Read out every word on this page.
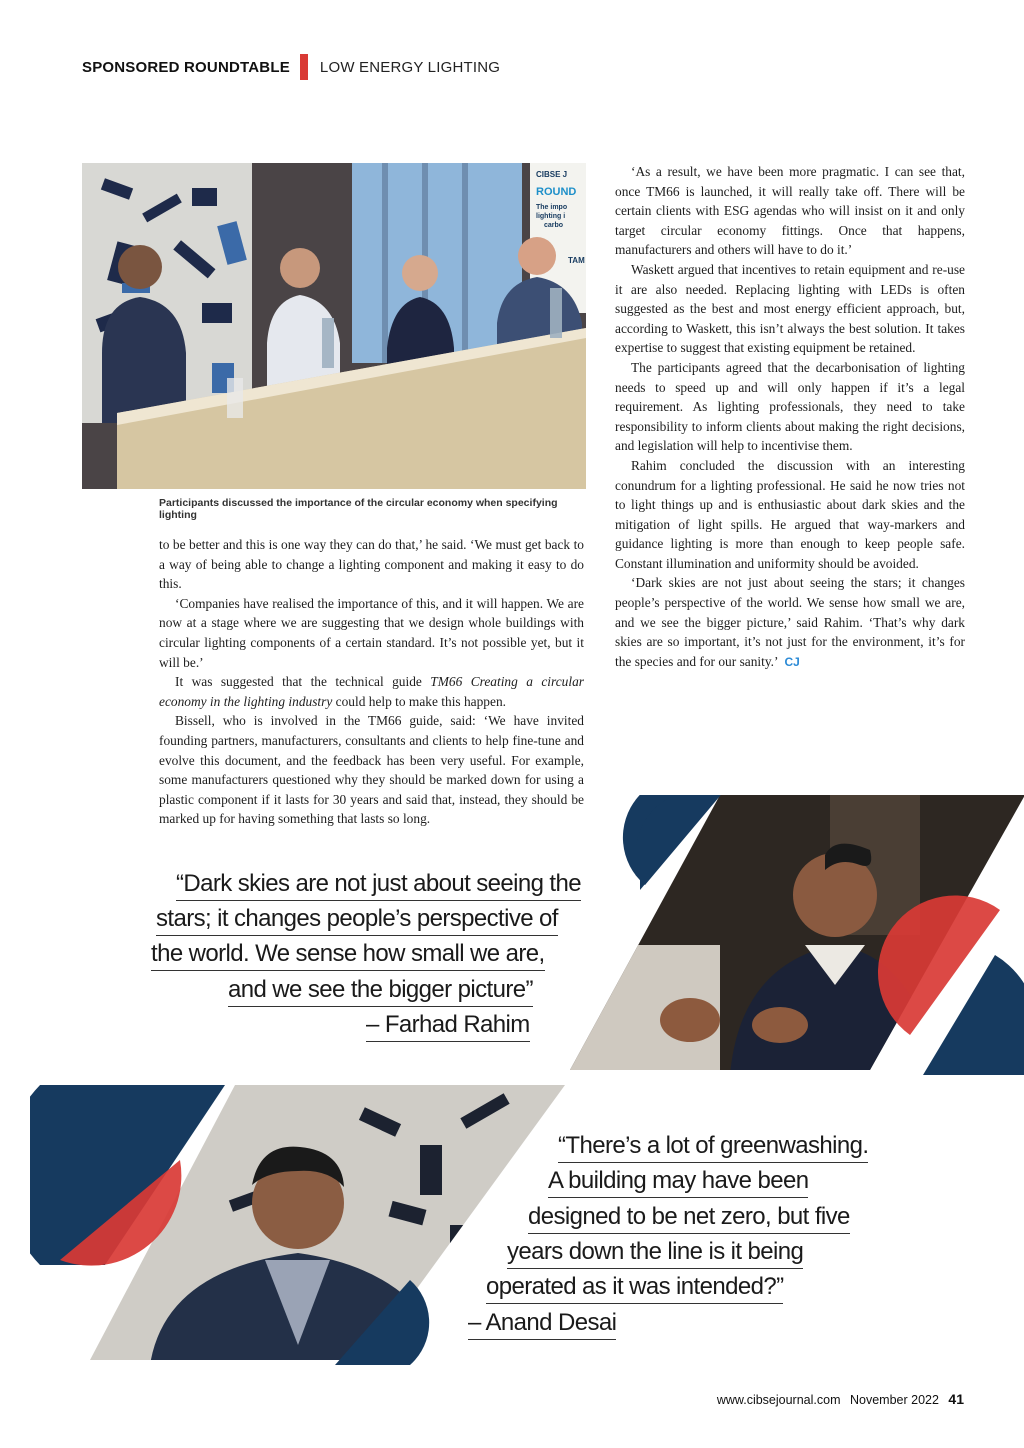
SPONSORED ROUNDTABLE LOW ENERGY LIGHTING
CIBSE J
ROUND
The impo
lighting i
carbo
TAM
Participants discussed the importance of the circular economy when specifying lighting

to be better and this is one way they can do that,’ he said. ‘We must get back to a way of being able to change a lighting component and making it easy to do this.

‘Companies have realised the importance of this, and it will happen. We are now at a stage where we are suggesting that we design whole buildings with circular lighting components of a certain standard. It’s not possible yet, but it will be.’

It was suggested that the technical guide TM66 Creating a circular economy in the lighting industry could help to make this happen.

Bissell, who is involved in the TM66 guide, said: ‘We have invited founding partners, manufacturers, consultants and clients to help fine-tune and evolve this document, and the feedback has been very useful. For example, some manufacturers questioned why they should be marked down for using a plastic component if it lasts for 30 years and said that, instead, they should be marked up for having something that lasts so long.

‘As a result, we have been more pragmatic. I can see that, once TM66 is launched, it will really take off. There will be certain clients with ESG agendas who will insist on it and only target circular economy fittings. Once that happens, manufacturers and others will have to do it.’

Waskett argued that incentives to retain equipment and re-use it are also needed. Replacing lighting with LEDs is often suggested as the best and most energy efficient approach, but, according to Waskett, this isn’t always the best solution. It takes expertise to suggest that existing equipment be retained.

The participants agreed that the decarbonisation of lighting needs to speed up and will only happen if it’s a legal requirement. As lighting professionals, they need to take responsibility to inform clients about making the right decisions, and legislation will help to incentivise them.

Rahim concluded the discussion with an interesting conundrum for a lighting professional. He said he now tries not to light things up and is enthusiastic about dark skies and the mitigation of light spills. He argued that way-markers and guidance lighting is more than enough to keep people safe. Constant illumination and uniformity should be avoided.

‘Dark skies are not just about seeing the stars; it changes people’s perspective of the world. We sense how small we are, and we see the bigger picture,’ said Rahim. ‘That’s why dark skies are so important, it’s not just for the environment, it’s for the species and for our sanity.’ CJ

“Dark skies are not just about seeing the
stars; it changes people’s perspective of
the world. We sense how small we are,
and we see the bigger picture”
– Farhad Rahim
“There’s a lot of greenwashing.
A building may have been
designed to be net zero, but five
years down the line is it being
operated as it was intended?”
– Anand Desai
www.cibsejournal.com November 2022 41
